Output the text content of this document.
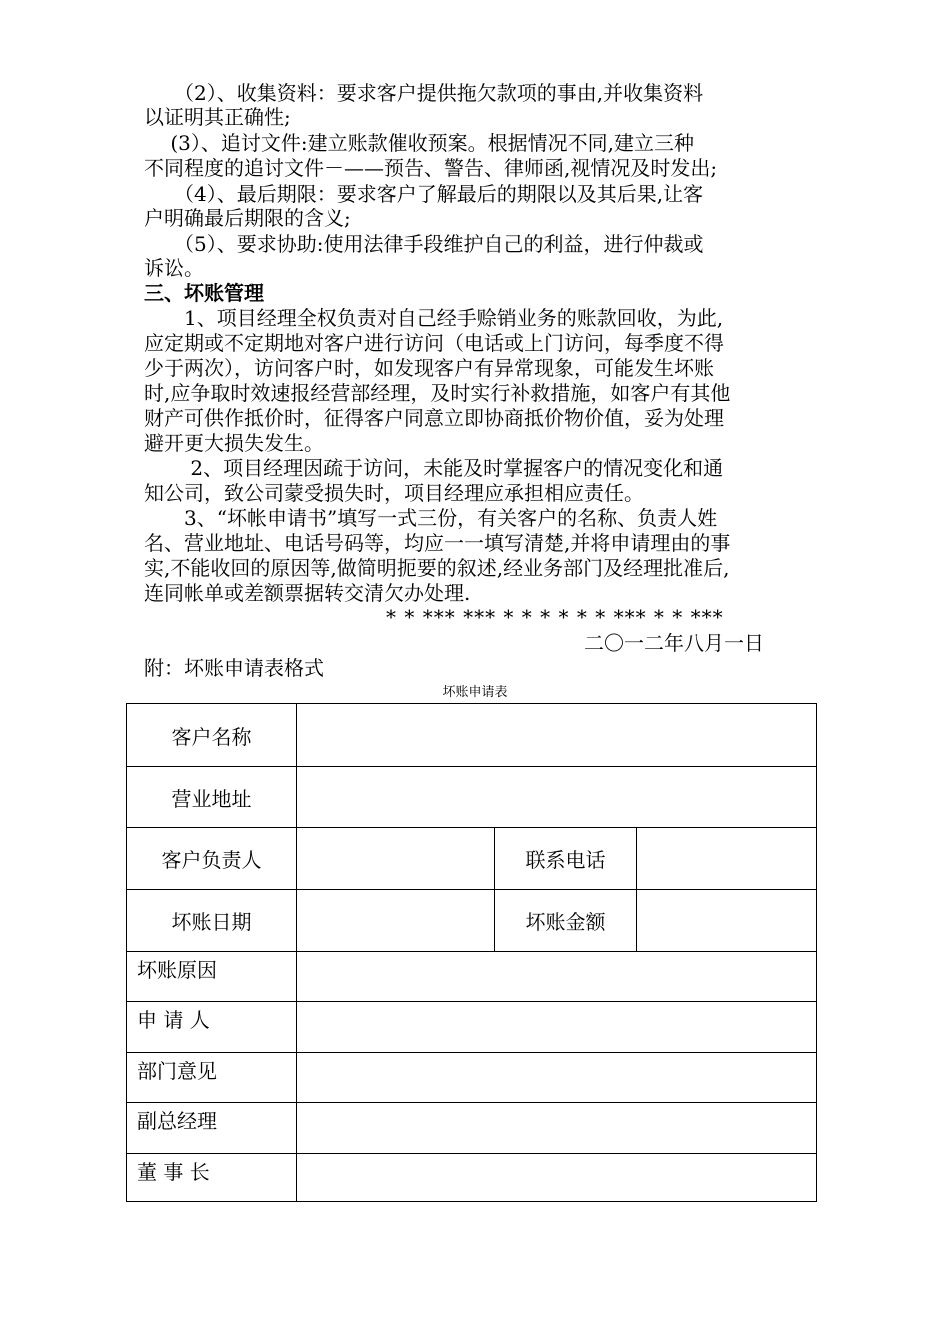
　　（2）、收集资料：要求客户提供拖欠款项的事由,并收集资料
以证明其正确性;
　 (3）、追讨文件:建立账款催收预案。根据情况不同,建立三种
不同程度的追讨文件－——预告、警告、律师函,视情况及时发出;
　　（4）、最后期限：要求客户了解最后的期限以及其后果,让客
户明确最后期限的含义;
　　（5）、要求协助:使用法律手段维护自己的利益，进行仲裁或
诉讼。
三、坏账管理
　　1、项目经理全权负责对自己经手赊销业务的账款回收，为此,
应定期或不定期地对客户进行访问（电话或上门访问，每季度不得
少于两次），访问客户时，如发现客户有异常现象，可能发生坏账
时,应争取时效速报经营部经理，及时实行补救措施，如客户有其他
财产可供作抵价时，征得客户同意立即协商抵价物价值，妥为处理
避开更大损失发生。
　　 2、项目经理因疏于访问，未能及时掌握客户的情况变化和通
知公司，致公司蒙受损失时，项目经理应承担相应责任。
　　3、“坏帐申请书”填写一式三份，有关客户的名称、负责人姓
名、营业地址、电话号码等，均应一一填写清楚,并将申请理由的事
实,不能收回的原因等,做简明扼要的叙述,经业务部门及经理批准后,
连同帐单或差额票据转交清欠办处理.
* * *** *** * * * * * * *** * * ***
二〇一二年八月一日
附：坏账申请表格式
坏账申请表
客户名称			
营业地址			
客户负责人		联系电话	
坏账日期		坏账金额	
坏账原因			
申 请 人			
部门意见			
副总经理			
董 事 长			
